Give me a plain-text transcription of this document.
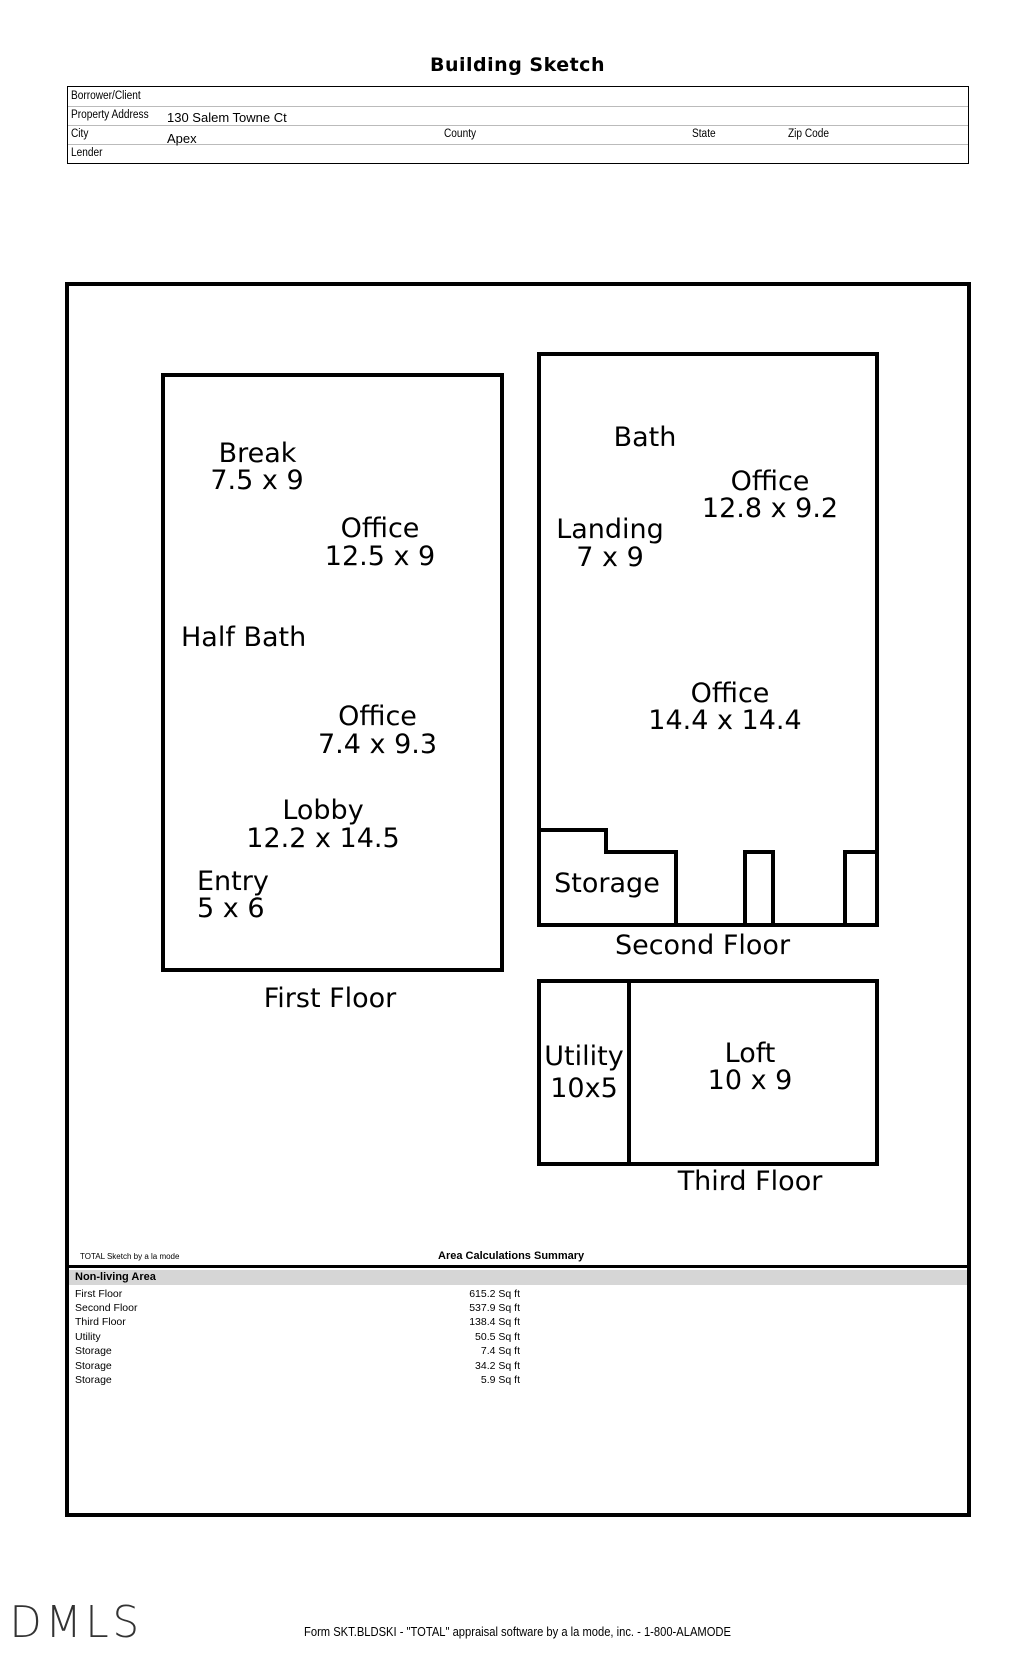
Building Sketch
Borrower/Client
Property Address 130 Salem Towne Ct
City	Apex	County	State	Zip Code
Lender
Break
7.5 x 9
Office
12.5 x 9
Half Bath
Office
7.4 x 9.3
Lobby
12.2 x 14.5
Entry
5 x 6
Bath
Office
12.8 x 9.2
Landing
7 x 9
Office
14.4 x 14.4
Storage
First Floor
Second Floor
Utility
10x5
Loft
10 x 9
Third Floor
TOTAL Sketch by a la mode	Area Calculations Summary
Non-living Area
First Floor	615.2 Sq ft
Second Floor	537.9 Sq ft
Third Floor	138.4 Sq ft
Utility	50.5 Sq ft
Storage	7.4 Sq ft
Storage	34.2 Sq ft
Storage	5.9 Sq ft
DMLS	Form SKT.BLDSKI - "TOTAL" appraisal software by a la mode, inc. - 1-800-ALAMODE
